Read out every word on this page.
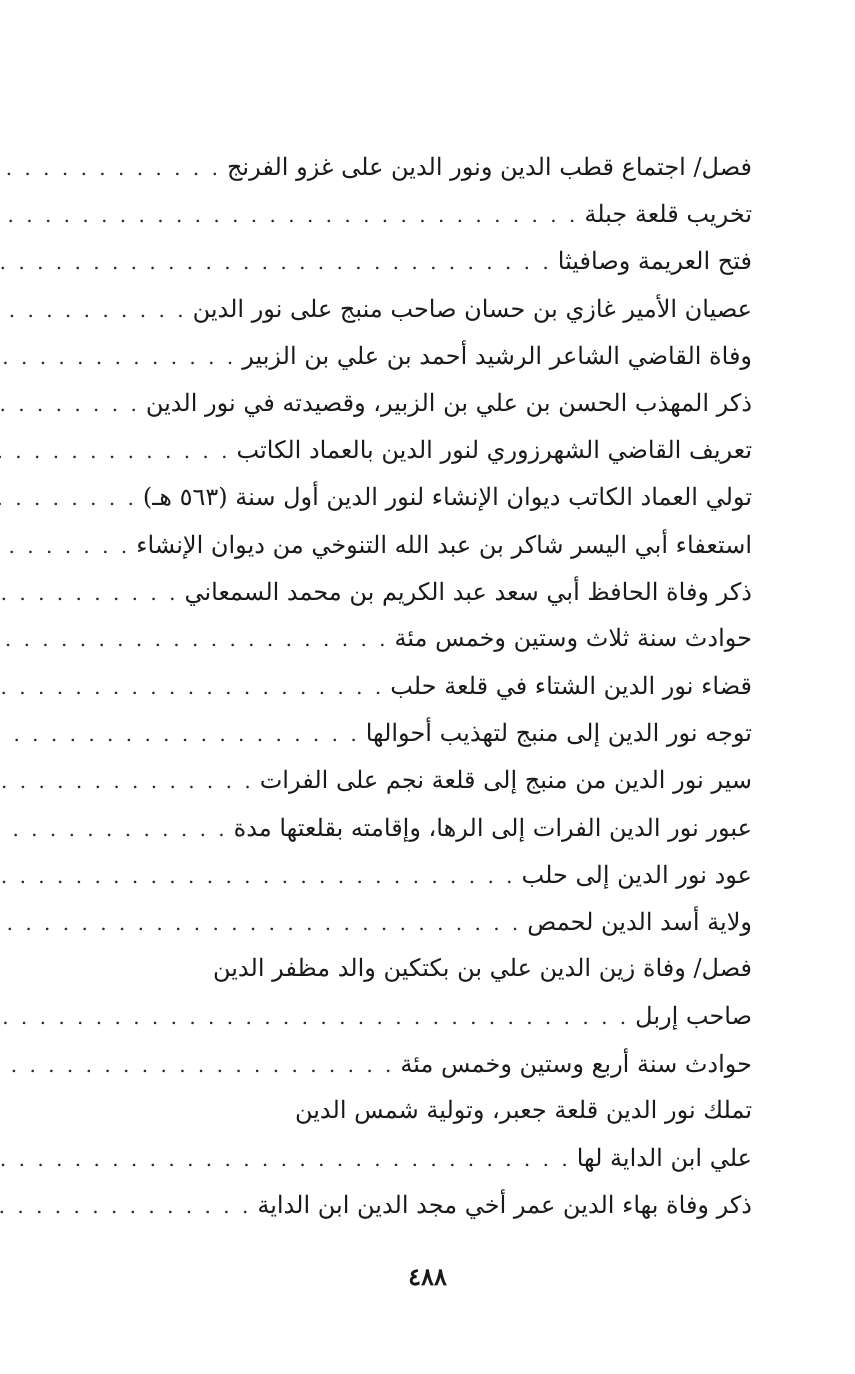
فصل/ اجتماع قطب الدين ونور الدين على غزو الفرنج
. . .
تخريب قلعة جبلة
. . .
فتح العريمة وصافيثا
. . .
عصيان الأمير غازي بن حسان صاحب منبج على نور الدين
. . .
وفاة القاضي الشاعر الرشيد أحمد بن علي بن الزبير
. . .
ذكر المهذب الحسن بن علي بن الزبير، وقصيدته في نور الدين
. . .
تعريف القاضي الشهرزوري لنور الدين بالعماد الكاتب
. . .
تولي العماد الكاتب ديوان الإنشاء لنور الدين أول سنة (٥٦٣ هـ)
. . .
استعفاء أبي اليسر شاكر بن عبد الله التنوخي من ديوان الإنشاء
. . .
ذكر وفاة الحافظ أبي سعد عبد الكريم بن محمد السمعاني
. . .
حوادث سنة ثلاث وستين وخمس مئة
. . .
قضاء نور الدين الشتاء في قلعة حلب
. . .
توجه نور الدين إلى منبج لتهذيب أحوالها
. . .
سير نور الدين من منبج إلى قلعة نجم على الفرات
. . .
عبور نور الدين الفرات إلى الرها، وإقامته بقلعتها مدة
. . .
عود نور الدين إلى حلب
. . .
ولاية أسد الدين لحمص
. . .
فصل/ وفاة زين الدين علي بن بكتكين والد مظفر الدين
صاحب إربل
. . .
حوادث سنة أربع وستين وخمس مئة
. . .
تملك نور الدين قلعة جعبر، وتولية شمس الدين
علي ابن الداية لها
. . .
ذكر وفاة بهاء الدين عمر أخي مجد الدين ابن الداية
. . .
٤٨٨
